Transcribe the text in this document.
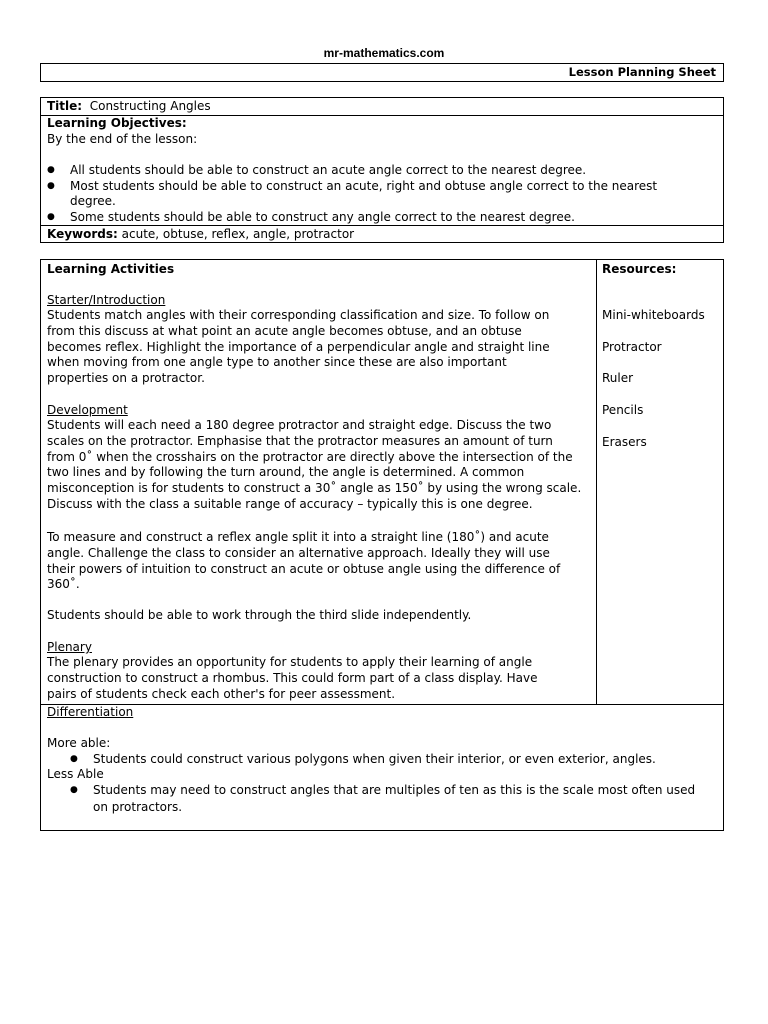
mr-mathematics.com
Lesson Planning Sheet
Title: Constructing Angles
Learning Objectives:
By the end of the lesson:
● All students should be able to construct an acute angle correct to the nearest degree.
● Most students should be able to construct an acute, right and obtuse angle correct to the nearest
degree.
● Some students should be able to construct any angle correct to the nearest degree.
Keywords: acute, obtuse, reflex, angle, protractor
Learning Activities
Starter/Introduction
Students match angles with their corresponding classification and size. To follow on
from this discuss at what point an acute angle becomes obtuse, and an obtuse
becomes reflex. Highlight the importance of a perpendicular angle and straight line
when moving from one angle type to another since these are also important
properties on a protractor.
Development
Students will each need a 180 degree protractor and straight edge. Discuss the two
scales on the protractor. Emphasise that the protractor measures an amount of turn
from 0˚ when the crosshairs on the protractor are directly above the intersection of the
two lines and by following the turn around, the angle is determined. A common
misconception is for students to construct a 30˚ angle as 150˚ by using the wrong scale.
Discuss with the class a suitable range of accuracy – typically this is one degree.
To measure and construct a reflex angle split it into a straight line (180˚) and acute
angle. Challenge the class to consider an alternative approach. Ideally they will use
their powers of intuition to construct an acute or obtuse angle using the difference of
360˚.
Students should be able to work through the third slide independently.
Plenary
The plenary provides an opportunity for students to apply their learning of angle
construction to construct a rhombus. This could form part of a class display. Have
pairs of students check each other's for peer assessment.
Resources:
Mini-whiteboards
Protractor
Ruler
Pencils
Erasers
Differentiation
More able:
● Students could construct various polygons when given their interior, or even exterior, angles.
Less Able
● Students may need to construct angles that are multiples of ten as this is the scale most often used
on protractors.
